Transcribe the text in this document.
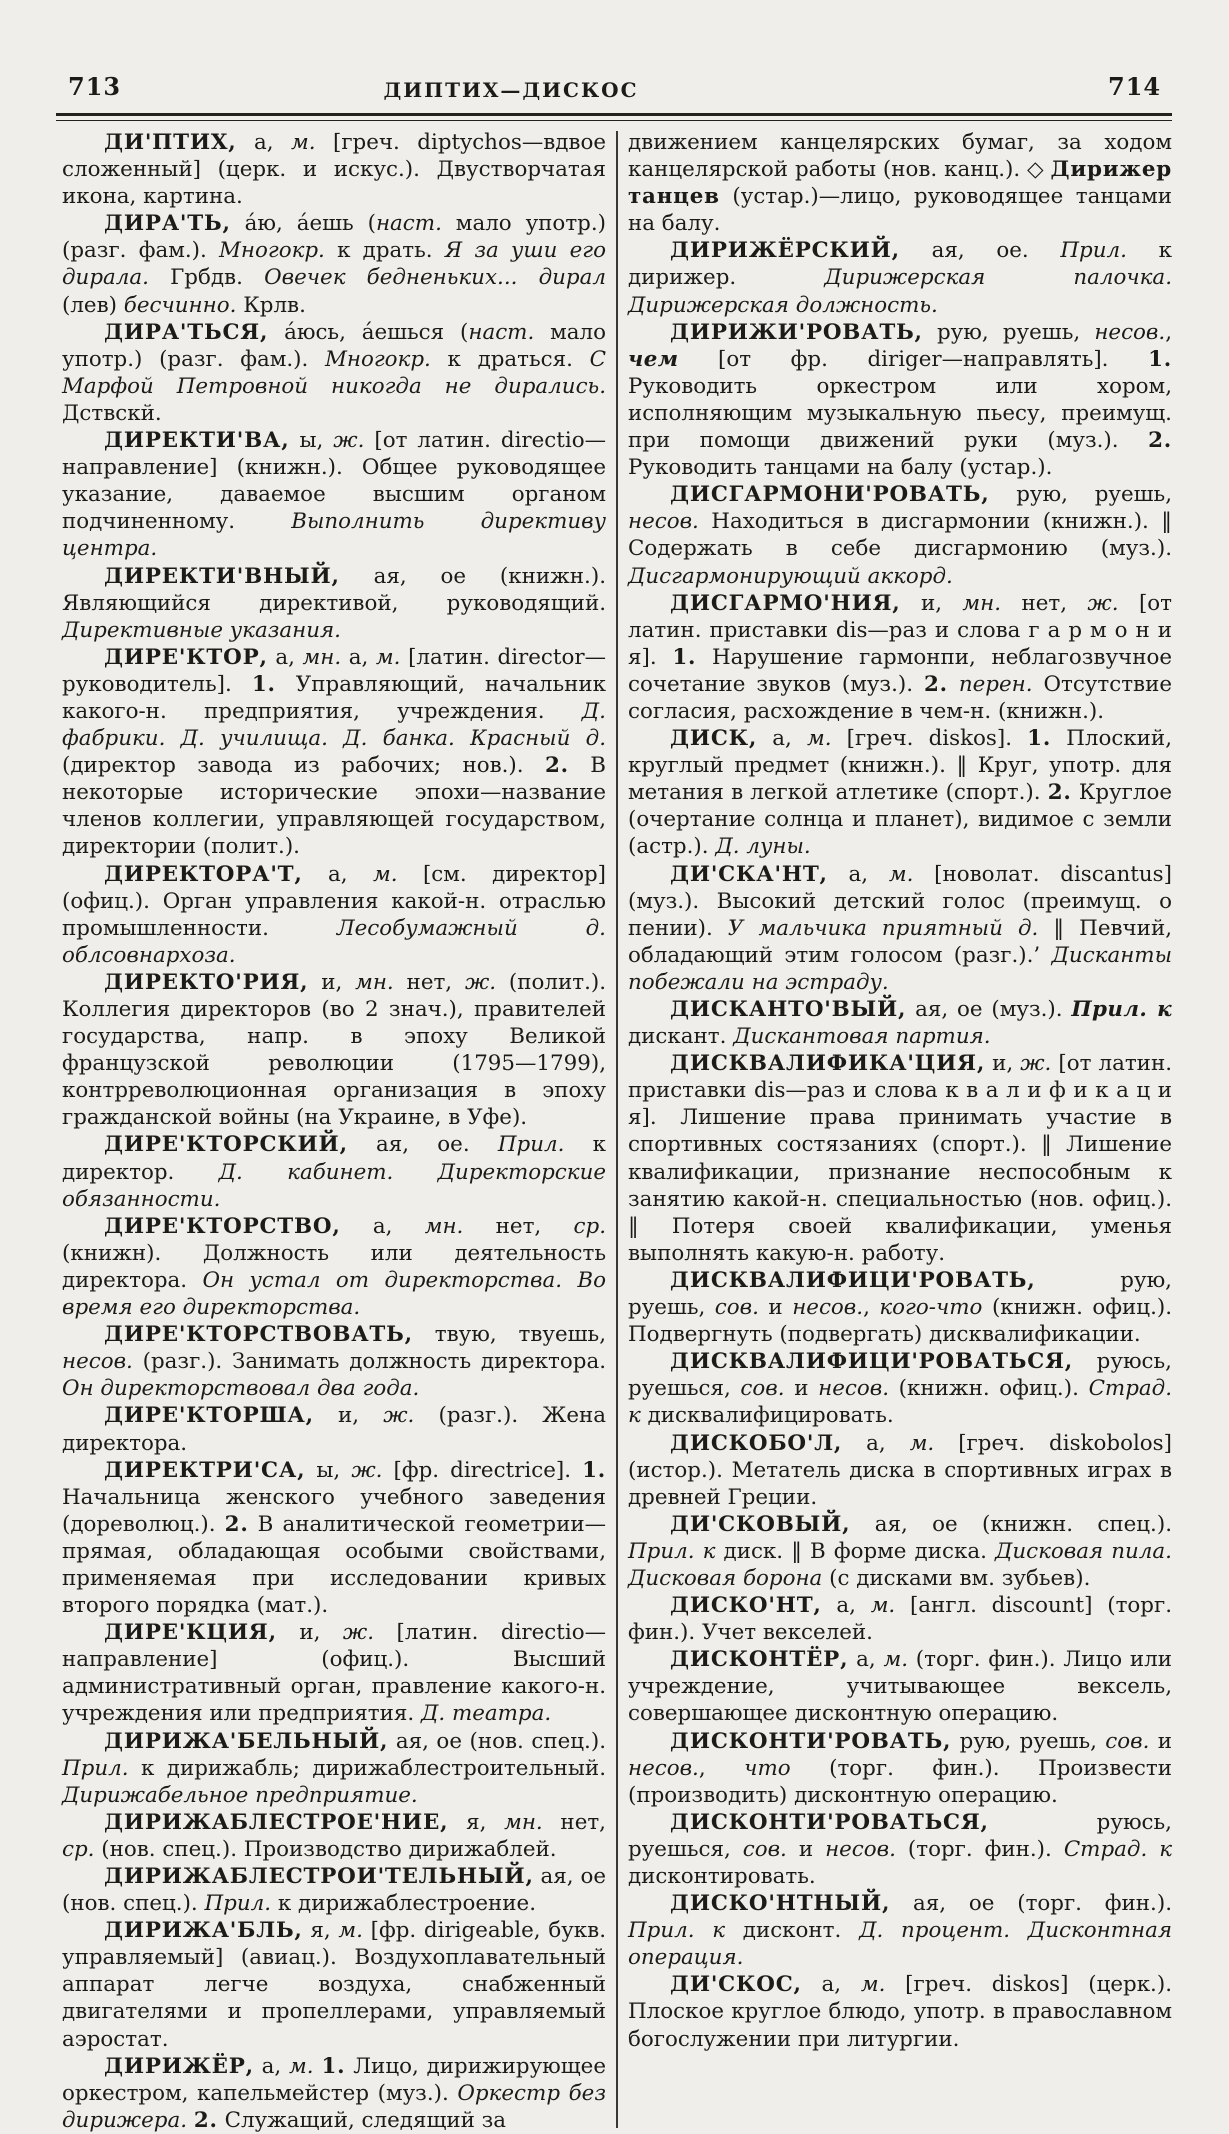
713	ДИПТИХ—ДИСКОС	714

ДИ'ПТИХ, а, м. [греч. diptychos—вдвое сложенный] (церк. и искус.). Двустворчатая икона, картина.

ДИРА'ТЬ, а́ю, а́ешь (наст. мало употр.) (разг. фам.). Многокр. к драть. Я за уши его дирала. Грбдв. Овечек бедненьких... дирал (лев) бесчинно. Крлв.

ДИРА'ТЬСЯ, а́юсь, а́ешься (наст. мало употр.) (разг. фам.). Многокр. к драться. С Марфой Петровной никогда не дирались. Дствскй.

ДИРЕКТИ'ВА, ы, ж. [от латин. directio—направление] (книжн.). Общее руководящее указание, даваемое высшим органом подчиненному. Выполнить директиву центра.

ДИРЕКТИ'ВНЫЙ, ая, ое (книжн.). Являющийся директивой, руководящий. Директивные указания.

ДИРЕ'КТОР, а, мн. а, м. [латин. director—руководитель]. 1. Управляющий, начальник какого-н. предприятия, учреждения. Д. фабрики. Д. училища. Д. банка. Красный д. (директор завода из рабочих; нов.). 2. В некоторые исторические эпохи—название членов коллегии, управляющей государством, директории (полит.).

ДИРЕКТОРА'Т, а, м. [см. директор](офиц.). Орган управления какой-н. отраслью промышленности. Лесобумажный д. облсовнархоза.

ДИРЕКТО'РИЯ, и, мн. нет, ж. (полит.). Коллегия директоров (во 2 знач.), правителей государства, напр. в эпоху Великой французской революции (1795—1799), контрреволюционная организация в эпоху гражданской войны (на Украине, в Уфе).

ДИРЕ'КТОРСКИЙ, ая, ое. Прил. к директор. Д. кабинет. Директорские обязанности.

ДИРЕ'КТОРСТВО, а, мн. нет, ср. (книжн). Должность или деятельность директора. Он устал от директорства. Во время его директорства.

ДИРЕ'КТОРСТВОВАТЬ, твую, твуешь, несов. (разг.). Занимать должность директора. Он директорствовал два года.

ДИРЕ'КТОРША, и, ж. (разг.). Жена директора.

ДИРЕКТРИ'СА, ы, ж. [фр. directrice]. 1. Начальница женского учебного заведения (дореволюц.). 2. В аналитической геометрии—прямая, обладающая особыми свойствами, применяемая при исследовании кривых второго порядка (мат.).

ДИРЕ'КЦИЯ, и, ж. [латин. directio—направление] (офиц.). Высший административный орган, правление какого-н. учреждения или предприятия. Д. театра.

ДИРИЖА'БЕЛЬНЫЙ, ая, ое (нов. спец.). Прил. к дирижабль; дирижаблестроительный. Дирижабельное предприятие.

ДИРИЖАБЛЕСТРОЕ'НИЕ, я, мн. нет, ср. (нов. спец.). Производство дирижаблей.

ДИРИЖАБЛЕСТРОИ'ТЕЛЬНЫЙ, ая, ое (нов. спец.). Прил. к дирижаблестроение.

ДИРИЖА'БЛЬ, я, м. [фр. dirigeable, букв. управляемый] (авиац.). Воздухоплавательный аппарат легче воздуха, снабженный двигателями и пропеллерами, управляемый аэростат.

ДИРИЖЁР, а, м. 1. Лицо, дирижирующее оркестром, капельмейстер (муз.). Оркестр без дирижера. 2. Служащий, следящий за

движением канцелярских бумаг, за ходом канцелярской работы (нов. канц.). ◇ Дирижер танцев (устар.)—лицо, руководящее танцами на балу.

ДИРИЖЁРСКИЙ, ая, ое. Прил. к дирижер. Дирижерская палочка. Дирижерская должность.

ДИРИЖИ'РОВАТЬ, рую, руешь, несов., чем [от фр. diriger—направлять]. 1. Руководить оркестром или хором, исполняющим музыкальную пьесу, преимущ. при помощи движений руки (муз.). 2. Руководить танцами на балу (устар.).

ДИСГАРМОНИ'РОВАТЬ, рую, руешь, несов. Находиться в дисгармонии (книжн.). ‖ Содержать в себе дисгармонию (муз.). Дисгармонирующий аккорд.

ДИСГАРМО'НИЯ, и, мн. нет, ж. [от латин. приставки dis—раз и слова г а р м о н и я]. 1. Нарушение гармонпи, неблагозвучное сочетание звуков (муз.). 2. перен. Отсутствие согласия, расхождение в чем-н. (книжн.).

ДИСК, а, м. [греч. diskos]. 1. Плоский, круглый предмет (книжн.). ‖ Круг, употр. для метания в легкой атлетике (спорт.). 2. Круглое (очертание солнца и планет), видимое с земли (астр.). Д. луны.

ДИ'СКА'НТ, а, м. [новолат. discantus] (муз.). Высокий детский голос (преимущ. о пении). У мальчика приятный д. ‖ Певчий, обладающий этим голосом (разг.).’ Дисканты побежали на эстраду.

ДИСКАНТО'ВЫЙ, ая, ое (муз.). Прил. к дискант. Дискантовая партия.

ДИСКВАЛИФИКА'ЦИЯ, и, ж. [от латин. приставки dis—раз и слова к в а л и ф и к а ц и я]. Лишение права принимать участие в спортивных состязаниях (спорт.). ‖ Лишение квалификации, признание неспособным к занятию какой-н. специальностью (нов. офиц.). ‖ Потеря своей квалификации, уменья выполнять какую-н. работу.

ДИСКВАЛИФИЦИ'РОВАТЬ, рую, руешь, сов. и несов., кого-что (книжн. офиц.). Подвергнуть (подвергать) дисквалификации.

ДИСКВАЛИФИЦИ'РОВАТЬСЯ, руюсь, руешься, сов. и несов. (книжн. офиц.). Страд. к дисквалифицировать.

ДИСКОБО'Л, а, м. [греч. diskobolos] (истор.). Метатель диска в спортивных играх в древней Греции.

ДИ'СКОВЫЙ, ая, ое (книжн. спец.). Прил. к диск. ‖ В форме диска. Дисковая пила. Дисковая борона (с дисками вм. зубьев).

ДИСКО'НТ, а, м. [англ. discount] (торг. фин.). Учет векселей.

ДИСКОНТЁР, а, м. (торг. фин.). Лицо или учреждение, учитывающее вексель, совершающее дисконтную операцию.

ДИСКОНТИ'РОВАТЬ, рую, руешь, сов. и несов., что (торг. фин.). Произвести (производить) дисконтную операцию.

ДИСКОНТИ'РОВАТЬСЯ, руюсь, руешься, сов. и несов. (торг. фин.). Страд. к дисконтировать.

ДИСКО'НТНЫЙ, ая, ое (торг. фин.). Прил. к дисконт. Д. процент. Дисконтная операция.

ДИ'СКОС, а, м. [греч. diskos] (церк.). Плоское круглое блюдо, употр. в православном богослужении при литургии.
